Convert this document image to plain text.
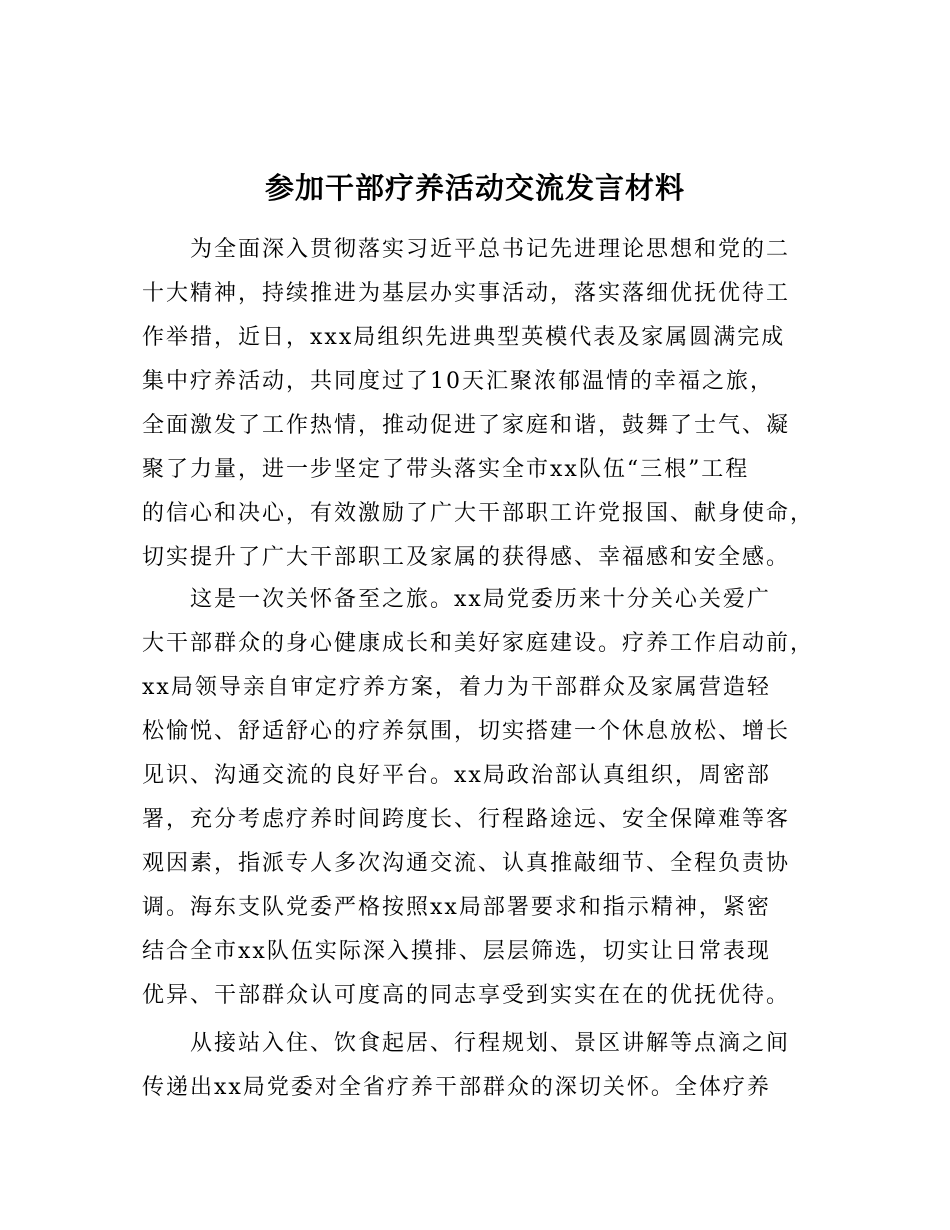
参加干部疗养活动交流发言材料
为全面深入贯彻落实习近平总书记先进理论思想和党的二
十大精神，持续推进为基层办实事活动，落实落细优抚优待工
作举措，近日，xxx局组织先进典型英模代表及家属圆满完成
集中疗养活动，共同度过了10天汇聚浓郁温情的幸福之旅，
全面激发了工作热情，推动促进了家庭和谐，鼓舞了士气、凝
聚了力量，进一步坚定了带头落实全市xx队伍“三根”工程
的信心和决心，有效激励了广大干部职工许党报国、献身使命，
切实提升了广大干部职工及家属的获得感、幸福感和安全感。
这是一次关怀备至之旅。xx局党委历来十分关心关爱广
大干部群众的身心健康成长和美好家庭建设。疗养工作启动前，
xx局领导亲自审定疗养方案，着力为干部群众及家属营造轻
松愉悦、舒适舒心的疗养氛围，切实搭建一个休息放松、增长
见识、沟通交流的良好平台。xx局政治部认真组织，周密部
署，充分考虑疗养时间跨度长、行程路途远、安全保障难等客
观因素，指派专人多次沟通交流、认真推敲细节、全程负责协
调。海东支队党委严格按照xx局部署要求和指示精神，紧密
结合全市xx队伍实际深入摸排、层层筛选，切实让日常表现
优异、干部群众认可度高的同志享受到实实在在的优抚优待。
从接站入住、饮食起居、行程规划、景区讲解等点滴之间
传递出xx局党委对全省疗养干部群众的深切关怀。全体疗养
